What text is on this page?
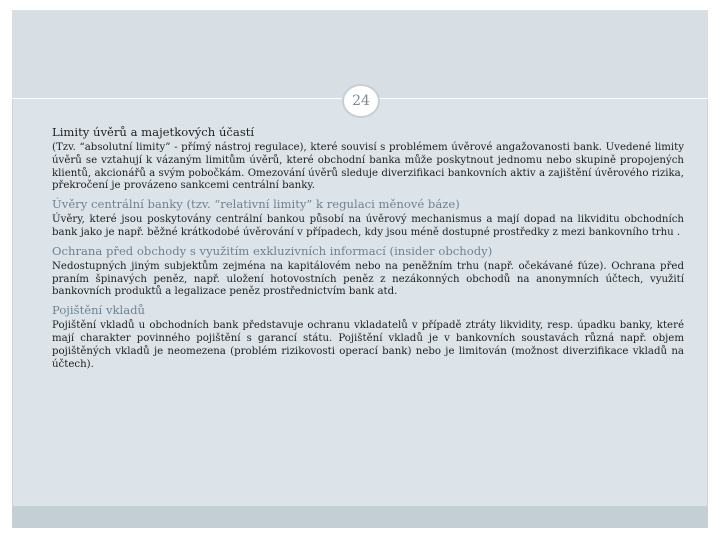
24
Limity úvěrů a majetkových účastí
(Tzv. “absolutní limity” - přímý nástroj regulace), které souvisí s problémem úvěrové angažovanosti bank. Uvedené limity úvěrů se vztahují k vázaným limitům úvěrů, které obchodní banka může poskytnout jednomu nebo skupině propojených klientů, akcionářů a svým pobočkám. Omezování úvěrů sleduje diverzifikaci bankovních aktiv a zajištění úvěrového rizika, překročení je provázeno sankcemi centrální banky.
Úvěry centrální banky (tzv. “relativní limity” k regulaci měnové báze)
Úvěry, které jsou poskytovány centrální bankou působí na úvěrový mechanismus a mají dopad na likviditu obchodních bank jako je např. běžné krátkodobé úvěrování v případech, kdy jsou méně dostupné prostředky z mezi bankovního trhu .
Ochrana před obchody s využitím exkluzivních informací (insider obchody)
Nedostupných jiným subjektům zejména na kapitálovém nebo na peněžním trhu (např. očekávané fúze). Ochrana před praním špinavých peněz, např. uložení hotovostních peněz z nezákonných obchodů na anonymních účtech, využití bankovních produktů a legalizace peněz prostřednictvím bank atd.
Pojištění vkladů
Pojištění vkladů u obchodních bank představuje ochranu vkladatelů v případě ztráty likvidity, resp. úpadku banky, které mají charakter povinného pojištění s garancí státu. Pojištění vkladů je v bankovních soustavách různá např. objem pojištěných vkladů je neomezena (problém rizikovosti operací bank) nebo je limitován (možnost diverzifikace vkladů na účtech).
